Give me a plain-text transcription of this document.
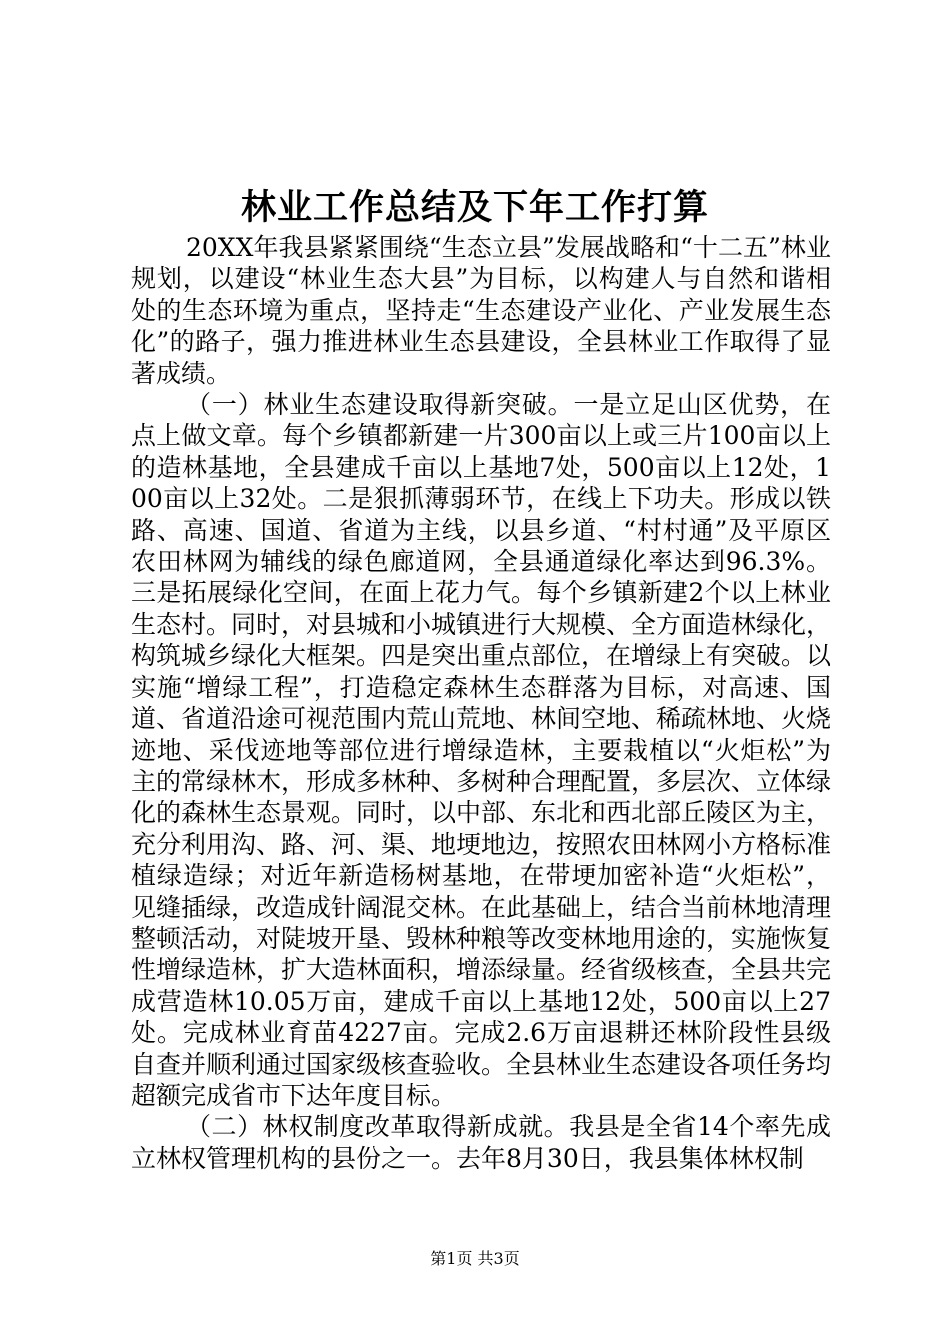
林业工作总结及下年工作打算

20XX年我县紧紧围绕“生态立县”发展战略和“十二五”林业规划，以建设“林业生态大县”为目标，以构建人与自然和谐相处的生态环境为重点，坚持走“生态建设产业化、产业发展生态化”的路子，强力推进林业生态县建设，全县林业工作取得了显著成绩。

（一）林业生态建设取得新突破。一是立足山区优势，在点上做文章。每个乡镇都新建一片300亩以上或三片100亩以上的造林基地，全县建成千亩以上基地7处，500亩以上12处，100亩以上32处。二是狠抓薄弱环节，在线上下功夫。形成以铁路、高速、国道、省道为主线，以县乡道、“村村通”及平原区农田林网为辅线的绿色廊道网，全县通道绿化率达到96.3%。三是拓展绿化空间，在面上花力气。每个乡镇新建2个以上林业生态村。同时，对县城和小城镇进行大规模、全方面造林绿化，构筑城乡绿化大框架。四是突出重点部位，在增绿上有突破。以实施“增绿工程”，打造稳定森林生态群落为目标，对高速、国道、省道沿途可视范围内荒山荒地、林间空地、稀疏林地、火烧迹地、采伐迹地等部位进行增绿造林，主要栽植以“火炬松”为主的常绿林木，形成多林种、多树种合理配置，多层次、立体绿化的森林生态景观。同时，以中部、东北和西北部丘陵区为主，充分利用沟、路、河、渠、地埂地边，按照农田林网小方格标准植绿造绿；对近年新造杨树基地，在带埂加密补造“火炬松”，见缝插绿，改造成针阔混交林。在此基础上，结合当前林地清理整顿活动，对陡坡开垦、毁林种粮等改变林地用途的，实施恢复性增绿造林，扩大造林面积，增添绿量。经省级核查，全县共完成营造林10.05万亩，建成千亩以上基地12处，500亩以上27处。完成林业育苗4227亩。完成2.6万亩退耕还林阶段性县级自查并顺利通过国家级核查验收。全县林业生态建设各项任务均超额完成省市下达年度目标。

（二）林权制度改革取得新成就。我县是全省14个率先成立林权管理机构的县份之一。去年8月30日，我县集体林权制

第1页 共3页
